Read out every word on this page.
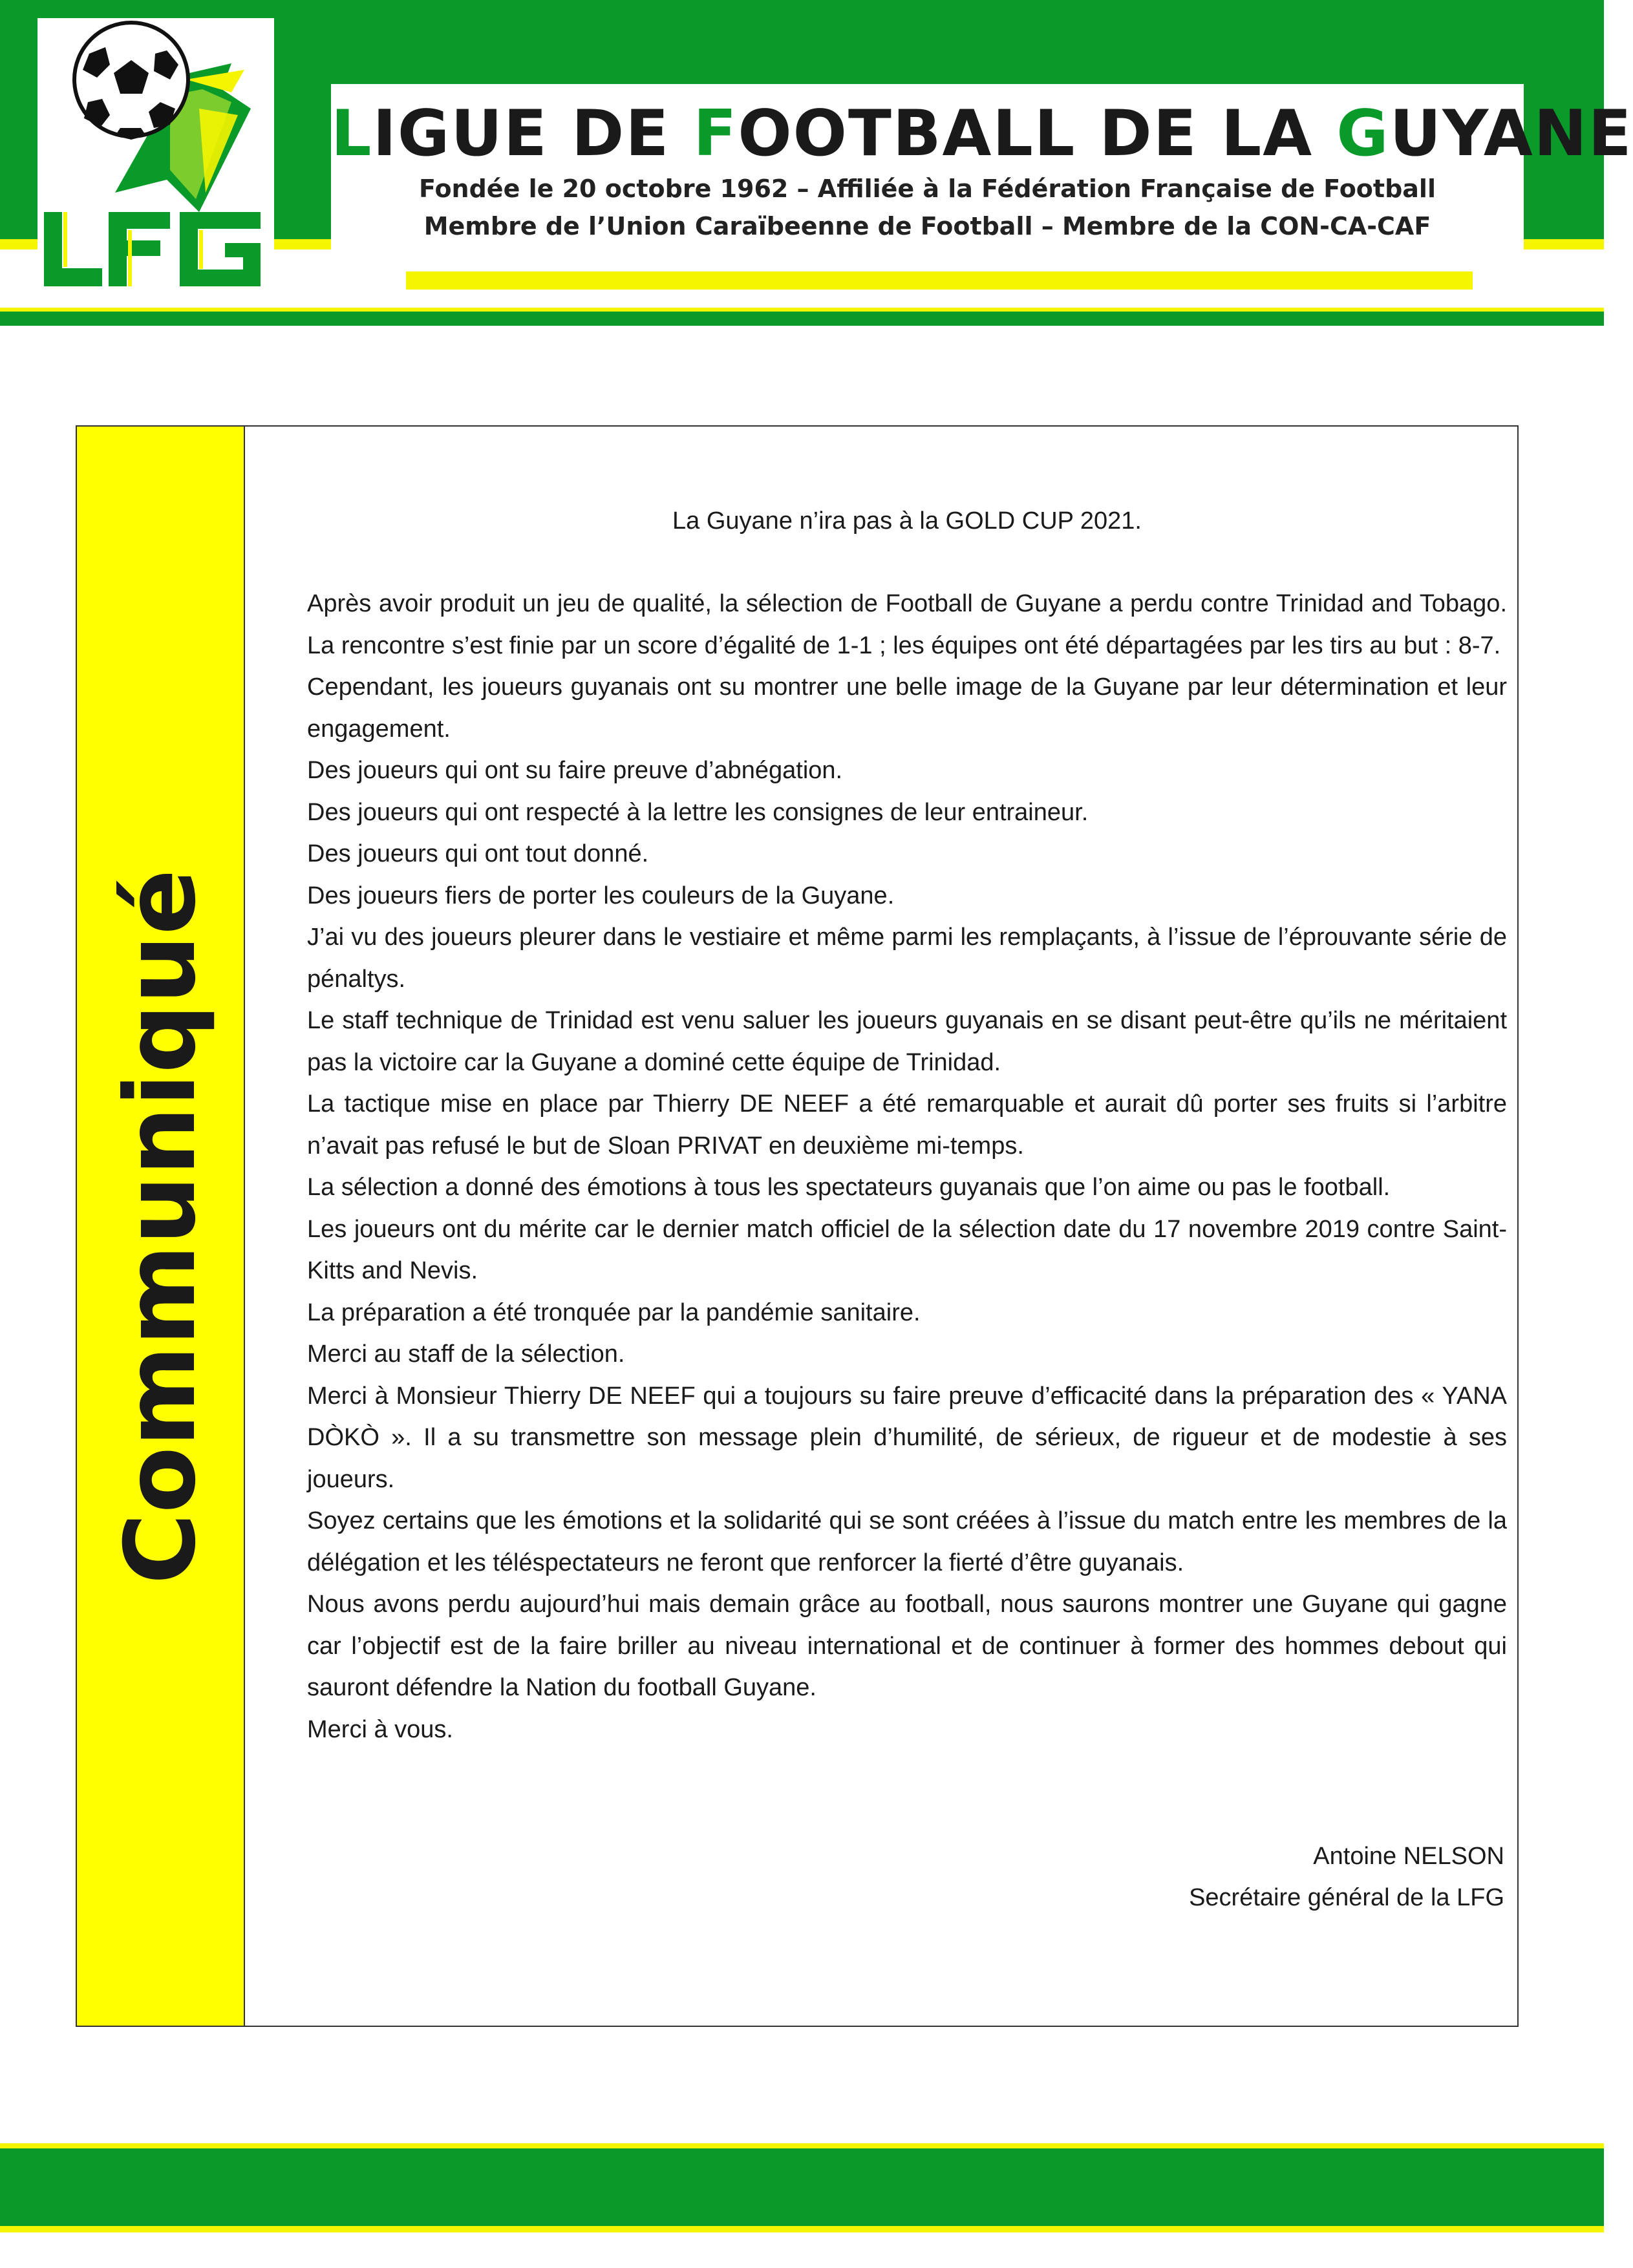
LIGUE DE FOOTBALL DE LA GUYANE
Fondée le 20 octobre 1962 – Affiliée à la Fédération Française de Football
Membre de l’Union Caraïbeenne de Football – Membre de la CON-CA-CAF
Communiqué

La Guyane n’ira pas à la GOLD CUP 2021.

Après avoir produit un jeu de qualité, la sélection de Football de Guyane a perdu contre Trinidad and Tobago. La rencontre s’est finie par un score d’égalité de 1-1 ; les équipes ont été départagées par les tirs au but : 8-7.

Cependant, les joueurs guyanais ont su montrer une belle image de la Guyane par leur détermination et leur engagement.

Des joueurs qui ont su faire preuve d’abnégation.

Des joueurs qui ont respecté à la lettre les consignes de leur entraineur.

Des joueurs qui ont tout donné.

Des joueurs fiers de porter les couleurs de la Guyane.

J’ai vu des joueurs pleurer dans le vestiaire et même parmi les remplaçants, à l’issue de l’éprouvante série de pénaltys.

Le staff technique de Trinidad est venu saluer les joueurs guyanais en se disant peut-être qu’ils ne méritaient pas la victoire car la Guyane a dominé cette équipe de Trinidad.

La tactique mise en place par Thierry DE NEEF a été remarquable et aurait dû porter ses fruits si l’arbitre n’avait pas refusé le but de Sloan PRIVAT en deuxième mi-temps.

La sélection a donné des émotions à tous les spectateurs guyanais que l’on aime ou pas le football.

Les joueurs ont du mérite car le dernier match officiel de la sélection date du 17 novembre 2019 contre Saint-Kitts and Nevis.

La préparation a été tronquée par la pandémie sanitaire.

Merci au staff de la sélection.

Merci à Monsieur Thierry DE NEEF qui a toujours su faire preuve d’efficacité dans la préparation des « YANA DÒKÒ ». Il a su transmettre son message plein d’humilité, de sérieux, de rigueur et de modestie à ses joueurs.

Soyez certains que les émotions et la solidarité qui se sont créées à l’issue du match entre les membres de la délégation et les téléspectateurs ne feront que renforcer la fierté d’être guyanais.

Nous avons perdu aujourd’hui mais demain grâce au football, nous saurons montrer une Guyane qui gagne car l’objectif est de la faire briller au niveau international et de continuer à former des hommes debout qui sauront défendre la Nation du football Guyane.

Merci à vous.

Antoine NELSON
Secrétaire général de la LFG
